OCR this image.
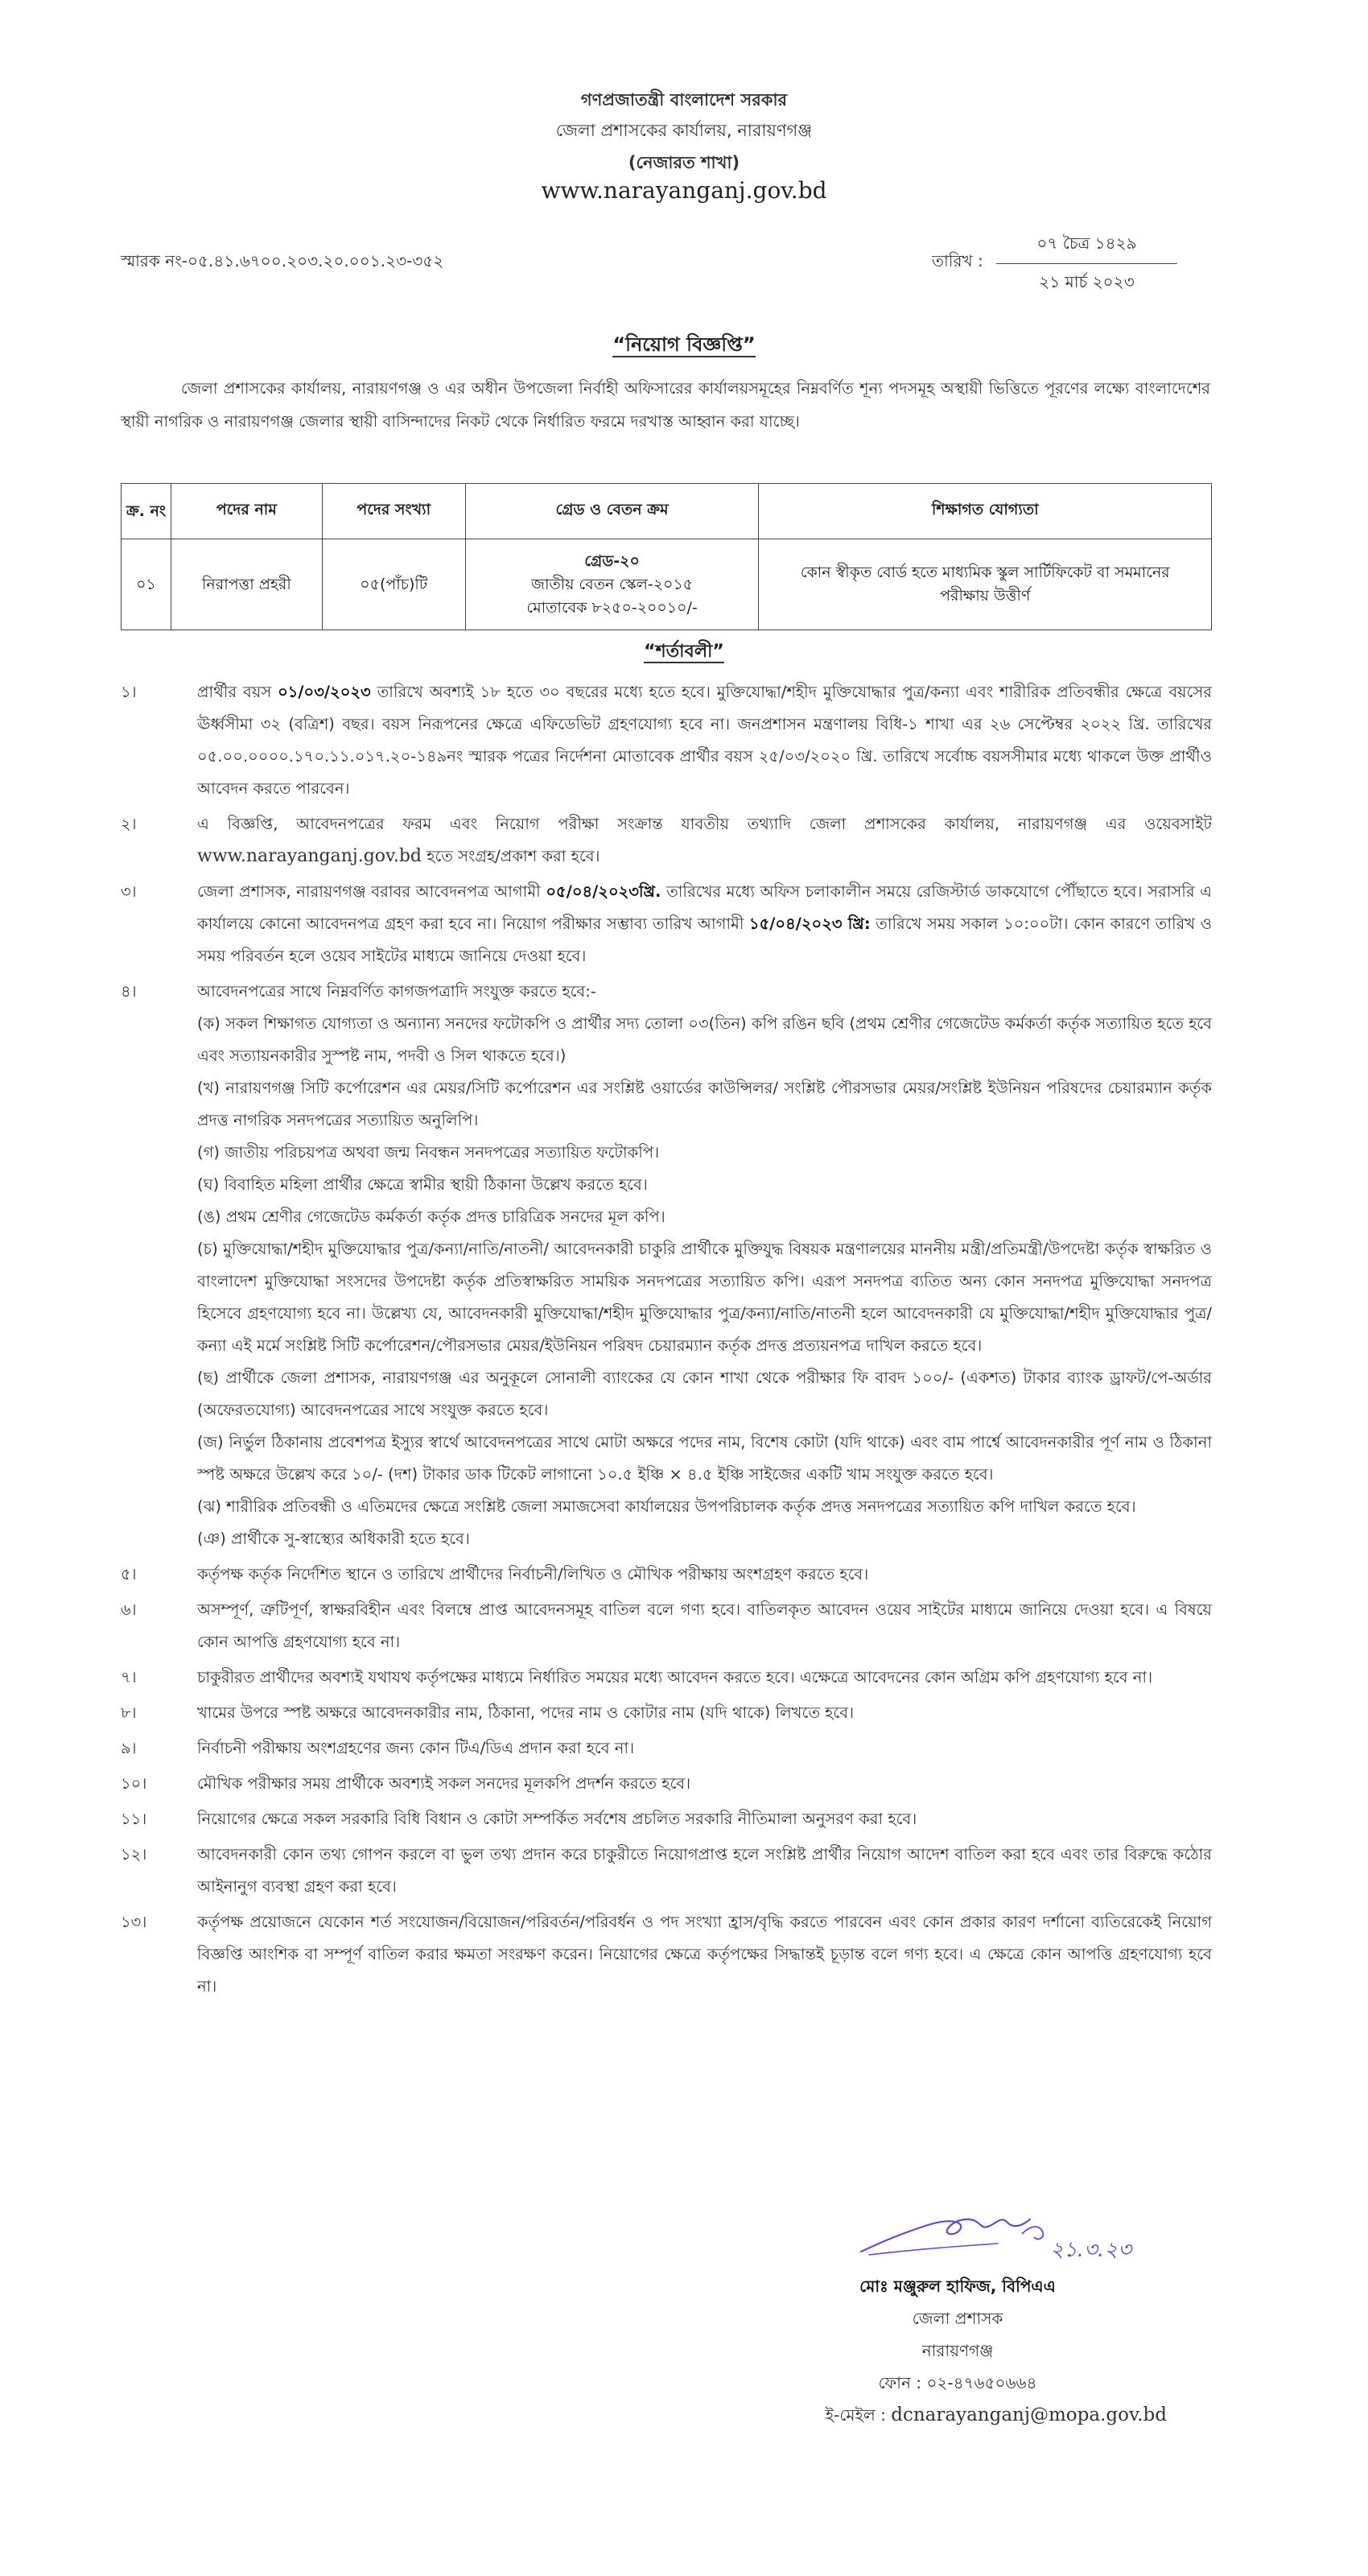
গণপ্রজাতন্ত্রী বাংলাদেশ সরকার
জেলা প্রশাসকের কার্যালয়, নারায়ণগঞ্জ
(নেজারত শাখা)
www.narayanganj.gov.bd
স্মারক নং-০৫.৪১.৬৭০০.২০৩.২০.০০১.২৩-৩৫২	তারিখ :
০৭ চৈত্র ১৪২৯
২১ মার্চ ২০২৩
“নিয়োগ বিজ্ঞপ্তি”
জেলা প্রশাসকের কার্যালয়, নারায়ণগঞ্জ ও এর অধীন উপজেলা নির্বাহী অফিসারের কার্যালয়সমূহের নিম্নবর্ণিত শূন্য পদসমূহ অস্থায়ী ভিত্তিতে পূরণের লক্ষ্যে বাংলাদেশের স্থায়ী নাগরিক ও নারায়ণগঞ্জ জেলার স্থায়ী বাসিন্দাদের নিকট থেকে নির্ধারিত ফরমে দরখাস্ত আহ্বান করা যাচ্ছে।
ক্র. নং	পদের নাম	পদের সংখ্যা	গ্রেড ও বেতন ক্রম	শিক্ষাগত যোগ্যতা
০১	নিরাপত্তা প্রহরী	০৫(পাঁচ)টি	গ্রেড-২০
জাতীয় বেতন স্কেল-২০১৫
মোতাবেক ৮২৫০-২০০১০/-	কোন স্বীকৃত বোর্ড হতে মাধ্যমিক স্কুল সার্টিফিকেট বা সমমানের পরীক্ষায় উত্তীর্ণ
“শর্তাবলী”
১।	প্রার্থীর বয়স ০১/০৩/২০২৩ তারিখে অবশ্যই ১৮ হতে ৩০ বছরের মধ্যে হতে হবে। মুক্তিযোদ্ধা/শহীদ মুক্তিযোদ্ধার পুত্র/কন্যা এবং শারীরিক প্রতিবন্ধীর ক্ষেত্রে বয়সের ঊর্ধ্বসীমা ৩২ (বত্রিশ) বছর। বয়স নিরূপনের ক্ষেত্রে এফিডেভিট গ্রহণযোগ্য হবে না। জনপ্রশাসন মন্ত্রণালয় বিধি-১ শাখা এর ২৬ সেপ্টেম্বর ২০২২ খ্রি. তারিখের ০৫.০০.০০০০.১৭০.১১.০১৭.২০-১৪৯নং স্মারক পত্রের নির্দেশনা মোতাবেক প্রার্থীর বয়স ২৫/০৩/২০২০ খ্রি. তারিখে সর্বোচ্চ বয়সসীমার মধ্যে থাকলে উক্ত প্রার্থীও আবেদন করতে পারবেন।
২।	এ বিজ্ঞপ্তি, আবেদনপত্রের ফরম এবং নিয়োগ পরীক্ষা সংক্রান্ত যাবতীয় তথ্যাদি জেলা প্রশাসকের কার্যালয়, নারায়ণগঞ্জ এর ওয়েবসাইট www.narayanganj.gov.bd হতে সংগ্রহ/প্রকাশ করা হবে।
৩।	জেলা প্রশাসক, নারায়ণগঞ্জ বরাবর আবেদনপত্র আগামী ০৫/০৪/২০২৩খ্রি. তারিখের মধ্যে অফিস চলাকালীন সময়ে রেজিস্টার্ড ডাকযোগে পৌঁছাতে হবে। সরাসরি এ কার্যালয়ে কোনো আবেদনপত্র গ্রহণ করা হবে না। নিয়োগ পরীক্ষার সম্ভাব্য তারিখ আগামী ১৫/০৪/২০২৩ খ্রি: তারিখে সময় সকাল ১০:০০টা। কোন কারণে তারিখ ও সময় পরিবর্তন হলে ওয়েব সাইটের মাধ্যমে জানিয়ে দেওয়া হবে।
৪।	আবেদনপত্রের সাথে নিম্নবর্ণিত কাগজপত্রাদি সংযুক্ত করতে হবে:-
(ক) সকল শিক্ষাগত যোগ্যতা ও অন্যান্য সনদের ফটোকপি ও প্রার্থীর সদ্য তোলা ০৩(তিন) কপি রঙিন ছবি (প্রথম শ্রেণীর গেজেটেড কর্মকর্তা কর্তৃক সত্যায়িত হতে হবে এবং সত্যায়নকারীর সুস্পষ্ট নাম, পদবী ও সিল থাকতে হবে।)
(খ) নারায়ণগঞ্জ সিটি কর্পোরেশন এর মেয়র/সিটি কর্পোরেশন এর সংশ্লিষ্ট ওয়ার্ডের কাউন্সিলর/ সংশ্লিষ্ট পৌরসভার মেয়র/সংশ্লিষ্ট ইউনিয়ন পরিষদের চেয়ারম্যান কর্তৃক প্রদত্ত নাগরিক সনদপত্রের সত্যায়িত অনুলিপি।
(গ) জাতীয় পরিচয়পত্র অথবা জন্ম নিবন্ধন সনদপত্রের সত্যায়িত ফটোকপি।
(ঘ) বিবাহিত মহিলা প্রার্থীর ক্ষেত্রে স্বামীর স্থায়ী ঠিকানা উল্লেখ করতে হবে।
(ঙ) প্রথম শ্রেণীর গেজেটেড কর্মকর্তা কর্তৃক প্রদত্ত চারিত্রিক সনদের মূল কপি।
(চ) মুক্তিযোদ্ধা/শহীদ মুক্তিযোদ্ধার পুত্র/কন্যা/নাতি/নাতনী/ আবেদনকারী চাকুরি প্রার্থীকে মুক্তিযুদ্ধ বিষয়ক মন্ত্রণালয়ের মাননীয় মন্ত্রী/প্রতিমন্ত্রী/উপদেষ্টা কর্তৃক স্বাক্ষরিত ও বাংলাদেশ মুক্তিযোদ্ধা সংসদের উপদেষ্টা কর্তৃক প্রতিস্বাক্ষরিত সাময়িক সনদপত্রের সত্যায়িত কপি। এরূপ সনদপত্র ব্যতিত অন্য কোন সনদপত্র মুক্তিযোদ্ধা সনদপত্র হিসেবে গ্রহণযোগ্য হবে না। উল্লেখ্য যে, আবেদনকারী মুক্তিযোদ্ধা/শহীদ মুক্তিযোদ্ধার পুত্র/কন্যা/নাতি/নাতনী হলে আবেদনকারী যে মুক্তিযোদ্ধা/শহীদ মুক্তিযোদ্ধার পুত্র/কন্যা এই মর্মে সংশ্লিষ্ট সিটি কর্পোরেশন/পৌরসভার মেয়র/ইউনিয়ন পরিষদ চেয়ারম্যান কর্তৃক প্রদত্ত প্রত্যয়নপত্র দাখিল করতে হবে।
(ছ) প্রার্থীকে জেলা প্রশাসক, নারায়ণগঞ্জ এর অনুকূলে সোনালী ব্যাংকের যে কোন শাখা থেকে পরীক্ষার ফি বাবদ ১০০/- (একশত) টাকার ব্যাংক ড্রাফট/পে-অর্ডার (অফেরতযোগ্য) আবেদনপত্রের সাথে সংযুক্ত করতে হবে।
(জ) নির্ভুল ঠিকানায় প্রবেশপত্র ইস্যুর স্বার্থে আবেদনপত্রের সাথে মোটা অক্ষরে পদের নাম, বিশেষ কোটা (যদি থাকে) এবং বাম পার্শ্বে আবেদনকারীর পূর্ণ নাম ও ঠিকানা স্পষ্ট অক্ষরে উল্লেখ করে ১০/- (দশ) টাকার ডাক টিকেট লাগানো ১০.৫ ইঞ্চি × ৪.৫ ইঞ্চি সাইজের একটি খাম সংযুক্ত করতে হবে।
(ঝ) শারীরিক প্রতিবন্ধী ও এতিমদের ক্ষেত্রে সংশ্লিষ্ট জেলা সমাজসেবা কার্যালয়ের উপপরিচালক কর্তৃক প্রদত্ত সনদপত্রের সত্যায়িত কপি দাখিল করতে হবে।
(ঞ) প্রার্থীকে সু-স্বাস্থ্যের অধিকারী হতে হবে।
৫।	কর্তৃপক্ষ কর্তৃক নির্দেশিত স্থানে ও তারিখে প্রার্থীদের নির্বাচনী/লিখিত ও মৌখিক পরীক্ষায় অংশগ্রহণ করতে হবে।
৬।	অসম্পূর্ণ, ত্রুটিপূর্ণ, স্বাক্ষরবিহীন এবং বিলম্বে প্রাপ্ত আবেদনসমূহ বাতিল বলে গণ্য হবে। বাতিলকৃত আবেদন ওয়েব সাইটের মাধ্যমে জানিয়ে দেওয়া হবে। এ বিষয়ে কোন আপত্তি গ্রহণযোগ্য হবে না।
৭।	চাকুরীরত প্রার্থীদের অবশ্যই যথাযথ কর্তৃপক্ষের মাধ্যমে নির্ধারিত সময়ের মধ্যে আবেদন করতে হবে। এক্ষেত্রে আবেদনের কোন অগ্রিম কপি গ্রহণযোগ্য হবে না।
৮।	খামের উপরে স্পষ্ট অক্ষরে আবেদনকারীর নাম, ঠিকানা, পদের নাম ও কোটার নাম (যদি থাকে) লিখতে হবে।
৯।	নির্বাচনী পরীক্ষায় অংশগ্রহণের জন্য কোন টিএ/ডিএ প্রদান করা হবে না।
১০।	মৌখিক পরীক্ষার সময় প্রার্থীকে অবশ্যই সকল সনদের মূলকপি প্রদর্শন করতে হবে।
১১।	নিয়োগের ক্ষেত্রে সকল সরকারি বিধি বিধান ও কোটা সম্পর্কিত সর্বশেষ প্রচলিত সরকারি নীতিমালা অনুসরণ করা হবে।
১২।	আবেদনকারী কোন তথ্য গোপন করলে বা ভুল তথ্য প্রদান করে চাকুরীতে নিয়োগপ্রাপ্ত হলে সংশ্লিষ্ট প্রার্থীর নিয়োগ আদেশ বাতিল করা হবে এবং তার বিরুদ্ধে কঠোর আইনানুগ ব্যবস্থা গ্রহণ করা হবে।
১৩।	কর্তৃপক্ষ প্রয়োজনে যেকোন শর্ত সংযোজন/বিয়োজন/পরিবর্তন/পরিবর্ধন ও পদ সংখ্যা হ্রাস/বৃদ্ধি করতে পারবেন এবং কোন প্রকার কারণ দর্শানো ব্যতিরেকেই নিয়োগ বিজ্ঞপ্তি আংশিক বা সম্পূর্ণ বাতিল করার ক্ষমতা সংরক্ষণ করেন। নিয়োগের ক্ষেত্রে কর্তৃপক্ষের সিদ্ধান্তই চূড়ান্ত বলে গণ্য হবে। এ ক্ষেত্রে কোন আপত্তি গ্রহণযোগ্য হবে না।
২১.৩.২৩
মোঃ মঞ্জুরুল হাফিজ, বিপিএএ
জেলা প্রশাসক
নারায়ণগঞ্জ
ফোন : ০২-৪৭৬৫০৬৬৪
ই-মেইল : dcnarayanganj@mopa.gov.bd
